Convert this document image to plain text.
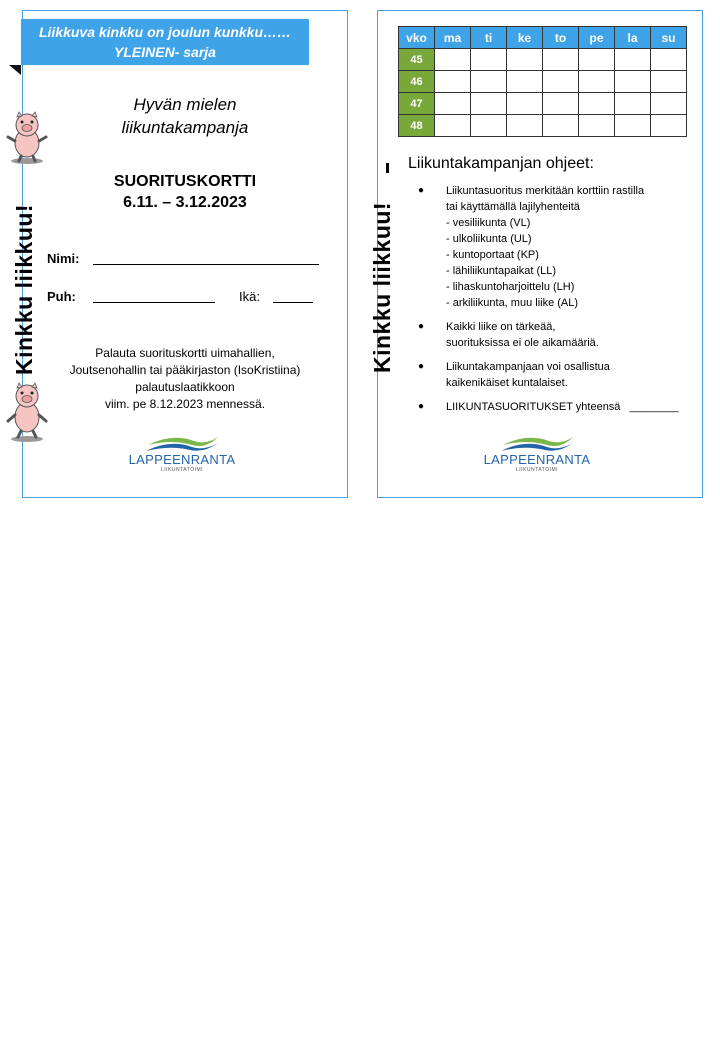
Liikkuva kinkku on joulun kunkku……
YLEINEN- sarja
Kinkku liikkuu!
Hyvän mielen
liikuntakampanja
SUORITUSKORTTI
6.11. – 3.12.2023
Nimi:
Puh:	Ikä:
Palauta suorituskortti uimahallien,
Joutsenohallin tai pääkirjaston (IsoKristiina)
palautuslaatikkoon
viim. pe 8.12.2023 mennessä.
LAPPEENRANTA
LIIKUNTATOIMI
Kinkku liikkuu!
vko	ma	ti	ke	to	pe	la	su
45							
46							
47							
48							
Liikuntakampanjan ohjeet:
● Liikuntasuoritus merkitään korttiin rastilla
tai käyttämällä lajilyhenteitä
- vesiliikunta (VL)
- ulkoliikunta (UL)
- kuntoportaat (KP)
- lähiliikuntapaikat (LL)
- lihaskuntoharjoittelu (LH)
- arkiliikunta, muu liike (AL)
● Kaikki liike on tärkeää,
suorituksissa ei ole aikamääriä.
● Liikuntakampanjaan voi osallistua
kaikenikäiset kuntalaiset.
● LIIKUNTASUORITUKSET yhteensä ________
LAPPEENRANTA
LIIKUNTATOIMI
